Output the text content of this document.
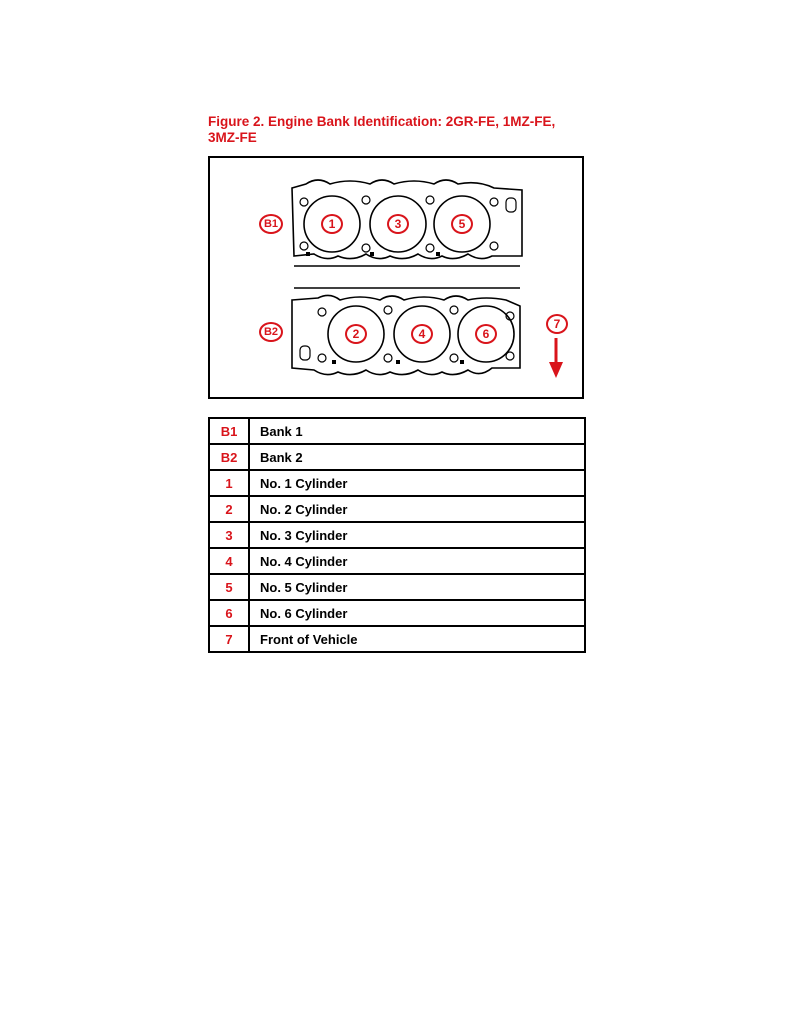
Figure 2. Engine Bank Identification: 2GR-FE, 1MZ-FE,
3MZ-FE
B1
B2
1	3	5
2	4	6
7
B1	Bank 1
B2	Bank 2
1	No. 1 Cylinder
2	No. 2 Cylinder
3	No. 3 Cylinder
4	No. 4 Cylinder
5	No. 5 Cylinder
6	No. 6 Cylinder
7	Front of Vehicle
